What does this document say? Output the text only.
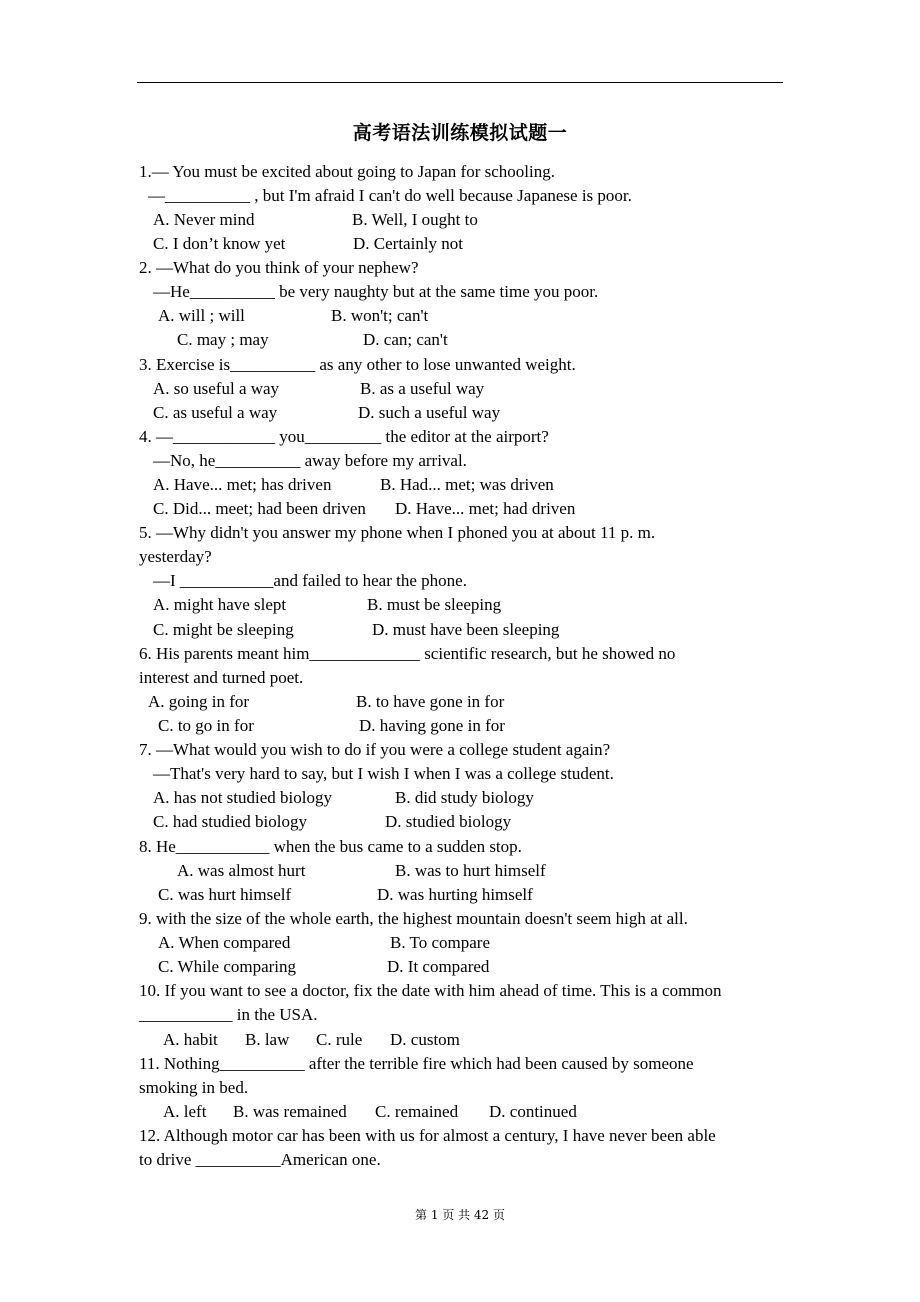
高考语法训练模拟试题一
1.— You must be excited about going to Japan for schooling.
—__________ , but I'm afraid I can't do well because Japanese is poor.
A. Never mind	B. Well, I ought to
C. I don’t know yet	D. Certainly not
2. —What do you think of your nephew?
—He__________ be very naughty but at the same time you poor.
A. will ; will	B. won't; can't
C. may ; may	D. can; can't
3. Exercise is__________ as any other to lose unwanted weight.
A. so useful a way	B. as a useful way
C. as useful a way	D. such a useful way
4. —____________ you_________ the editor at the airport?
—No, he__________ away before my arrival.
A. Have... met; has driven	B. Had... met; was driven
C. Did... meet; had been driven D. Have... met; had driven
5. —Why didn't you answer my phone when I phoned you at about 11 p. m.
yesterday?
—I ___________and failed to hear the phone.
A. might have slept	B. must be sleeping
C. might be sleeping	D. must have been sleeping
6. His parents meant him_____________ scientific research, but he showed no
interest and turned poet.
A. going in for	B. to have gone in for
C. to go in for	D. having gone in for
7. —What would you wish to do if you were a college student again?
—That's very hard to say, but I wish I when I was a college student.
A. has not studied biology	B. did study biology
C. had studied biology	D. studied biology
8. He___________ when the bus came to a sudden stop.
A. was almost hurt	B. was to hurt himself
C. was hurt himself	D. was hurting himself
9. with the size of the whole earth, the highest mountain doesn't seem high at all.
A. When compared	B. To compare
C. While comparing	D. It compared
10. If you want to see a doctor, fix the date with him ahead of time. This is a common
___________ in the USA.
A. habit B. law C. rule D. custom
11. Nothing__________ after the terrible fire which had been caused by someone
smoking in bed.
A. left B. was remained C. remained D. continued
12. Although motor car has been with us for almost a century, I have never been able
to drive __________American one.
第 1 页 共 42 页
